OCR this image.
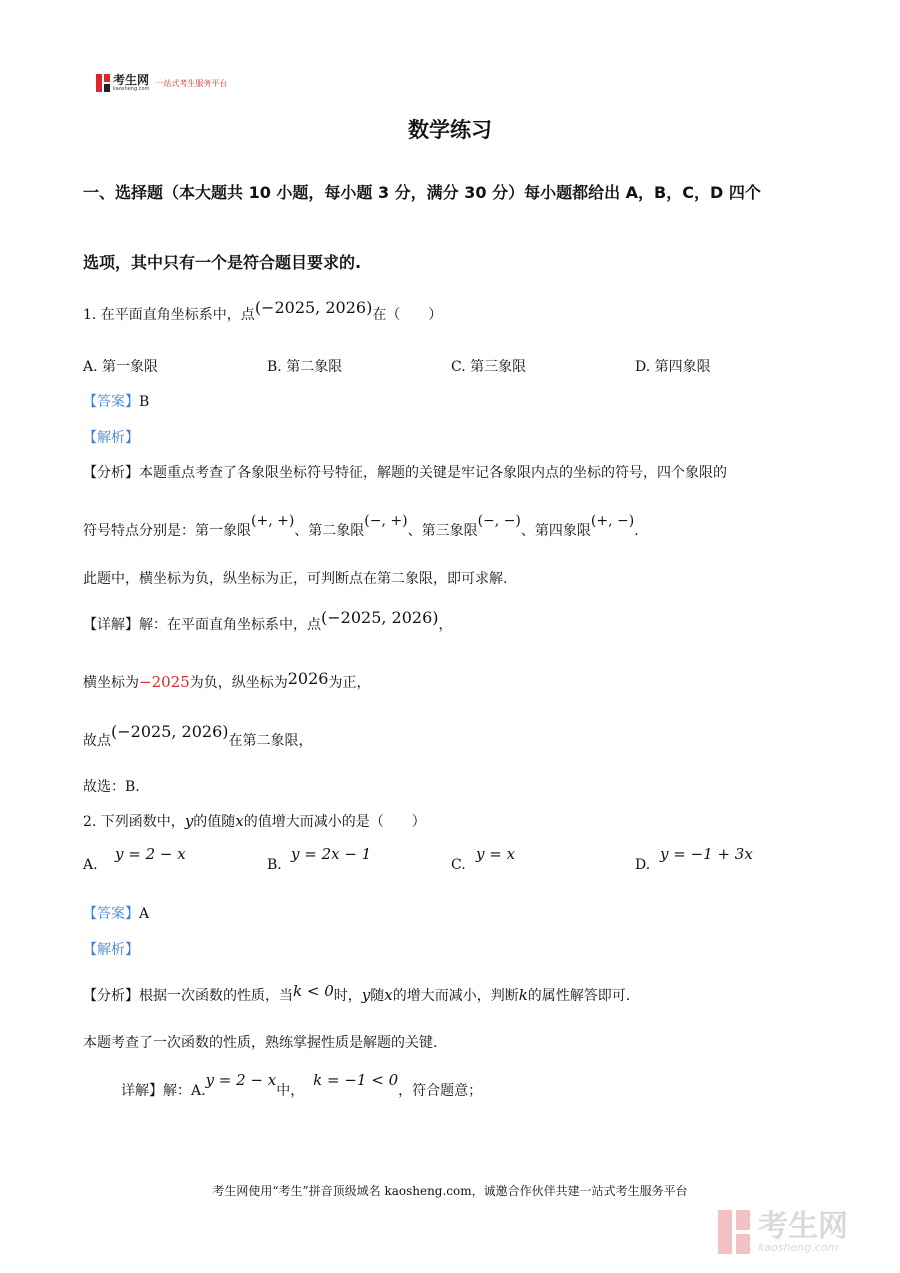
考生网
kaosheng.com
一站式考生服务平台
数学练习
一、选择题（本大题共 10 小题，每小题 3 分，满分 30 分）每小题都给出 A，B，C，D 四个
选项，其中只有一个是符合题目要求的.
1. 在平面直角坐标系中，点(−2025, 2026)在（　　）
A. 第一象限	B. 第二象限	C. 第三象限	D. 第四象限
【答案】B
【解析】
【分析】本题重点考查了各象限坐标符号特征，解题的关键是牢记各象限内点的坐标的符号，四个象限的
符号特点分别是：第一象限(+, +)、第二象限(−, +)、第三象限(−, −)、第四象限(+, −).
此题中，横坐标为负，纵坐标为正，可判断点在第二象限，即可求解.
【详解】解：在平面直角坐标系中，点(−2025, 2026)，
横坐标为−2025为负，纵坐标为2026为正，
故点(−2025, 2026)在第二象限，
故选：B.
2. 下列函数中，y的值随x的值增大而减小的是（　　）
A.
y = 2 − x
B.
y = 2x − 1
C.
y = x
D.
y = −1 + 3x
【答案】A
【解析】
【分析】根据一次函数的性质，当k < 0时，y随x的增大而减小，判断k的属性解答即可.
本题考查了一次函数的性质，熟练掌握性质是解题的关键.
详解】解：A.y = 2 − x中，  k = −1 < 0，符合题意；
考生网使用“考生”拼音顶级域名 kaosheng.com，诚邀合作伙伴共建一站式考生服务平台
考生网
kaosheng.com
